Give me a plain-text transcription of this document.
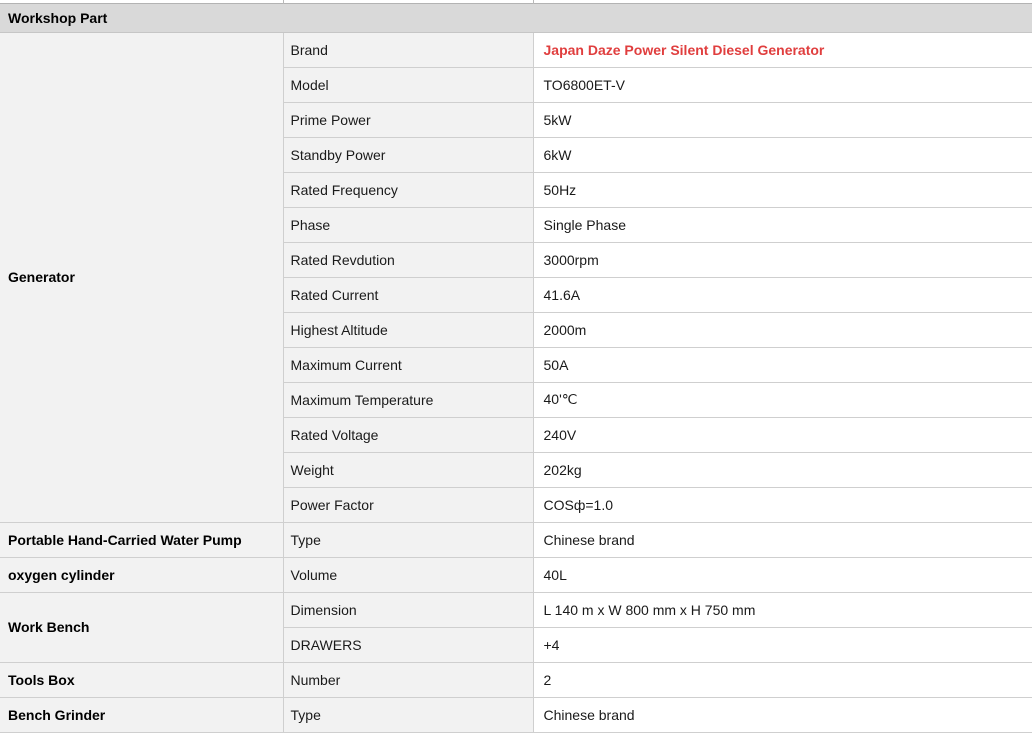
Workshop Part		
Generator	Brand	Japan Daze Power Silent Diesel Generator
	Model	TO6800ET-V
	Prime Power	5kW
	Standby Power	6kW
	Rated Frequency	50Hz
	Phase	Single Phase
	Rated Revdution	3000rpm
	Rated Current	41.6A
	Highest Altitude	2000m
	Maximum Current	50A
	Maximum Temperature	40'℃
	Rated Voltage	240V
	Weight	202kg
	Power Factor	COSф=1.0
Portable Hand-Carried Water Pump	Type	Chinese brand
oxygen cylinder	Volume	40L
Work Bench	Dimension	L 140 m x W 800 mm x H 750 mm
	DRAWERS	+4
Tools Box	Number	2
Bench Grinder	Type	Chinese brand
